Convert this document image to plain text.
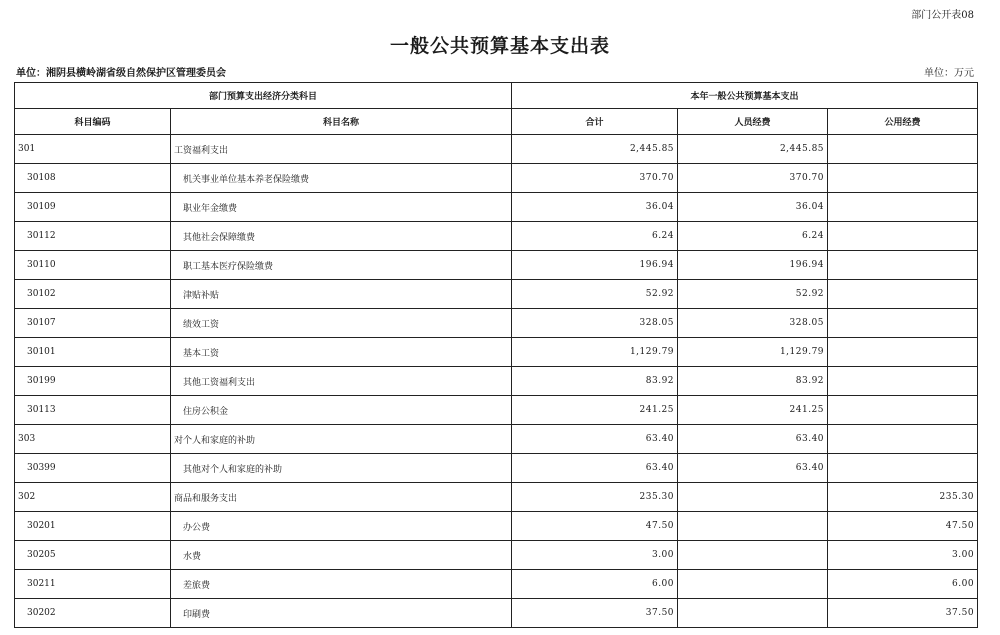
部门公开表08
一般公共预算基本支出表
单位：湘阴县横岭湖省级自然保护区管理委员会	单位：万元
部门预算支出经济分类科目		本年一般公共预算基本支出		
科目编码	科目名称	合计	人员经费	公用经费
301	工资福利支出	2,445.85	2,445.85	
30108	机关事业单位基本养老保险缴费	370.70	370.70	
30109	职业年金缴费	36.04	36.04	
30112	其他社会保障缴费	6.24	6.24	
30110	职工基本医疗保险缴费	196.94	196.94	
30102	津贴补贴	52.92	52.92	
30107	绩效工资	328.05	328.05	
30101	基本工资	1,129.79	1,129.79	
30199	其他工资福利支出	83.92	83.92	
30113	住房公积金	241.25	241.25	
303	对个人和家庭的补助	63.40	63.40	
30399	其他对个人和家庭的补助	63.40	63.40	
302	商品和服务支出	235.30		235.30
30201	办公费	47.50		47.50
30205	水费	3.00		3.00
30211	差旅费	6.00		6.00
30202	印刷费	37.50		37.50
